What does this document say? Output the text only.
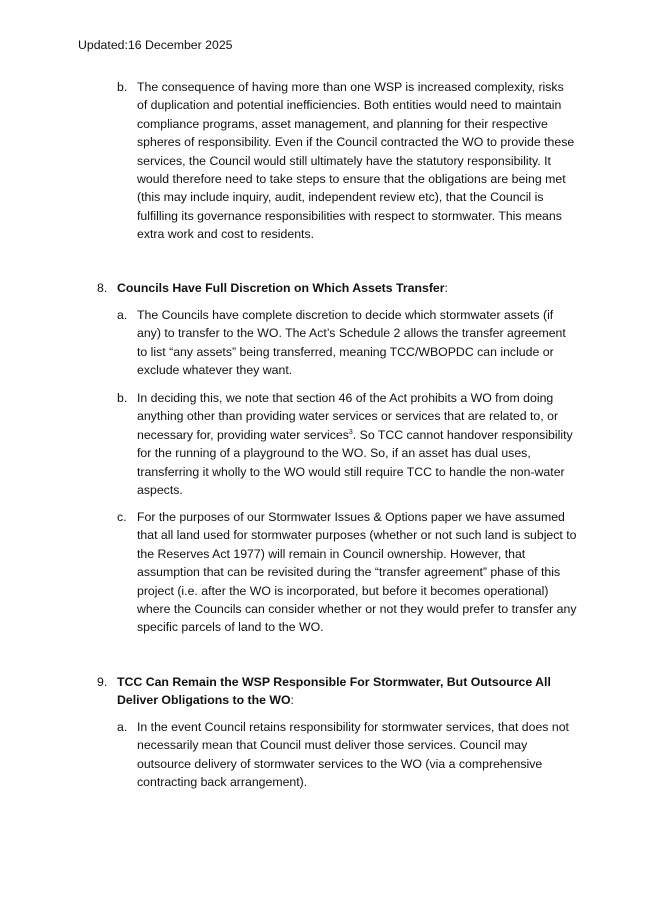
Updated:16 December 2025
b. The consequence of having more than one WSP is increased complexity, risks of duplication and potential inefficiencies. Both entities would need to maintain compliance programs, asset management, and planning for their respective spheres of responsibility. Even if the Council contracted the WO to provide these services, the Council would still ultimately have the statutory responsibility. It would therefore need to take steps to ensure that the obligations are being met (this may include inquiry, audit, independent review etc), that the Council is fulfilling its governance responsibilities with respect to stormwater. This means extra work and cost to residents.
8. Councils Have Full Discretion on Which Assets Transfer:
a. The Councils have complete discretion to decide which stormwater assets (if any) to transfer to the WO. The Act’s Schedule 2 allows the transfer agreement to list “any assets” being transferred, meaning TCC/WBOPDC can include or exclude whatever they want.
b. In deciding this, we note that section 46 of the Act prohibits a WO from doing anything other than providing water services or services that are related to, or necessary for, providing water services$^3$. So TCC cannot handover responsibility for the running of a playground to the WO. So, if an asset has dual uses, transferring it wholly to the WO would still require TCC to handle the non-water aspects.
c. For the purposes of our Stormwater Issues & Options paper we have assumed that all land used for stormwater purposes (whether or not such land is subject to the Reserves Act 1977) will remain in Council ownership. However, that assumption that can be revisited during the “transfer agreement” phase of this project (i.e. after the WO is incorporated, but before it becomes operational) where the Councils can consider whether or not they would prefer to transfer any specific parcels of land to the WO.
9. TCC Can Remain the WSP Responsible For Stormwater, But Outsource All Deliver Obligations to the WO:
a. In the event Council retains responsibility for stormwater services, that does not necessarily mean that Council must deliver those services. Council may outsource delivery of stormwater services to the WO (via a comprehensive contracting back arrangement).
